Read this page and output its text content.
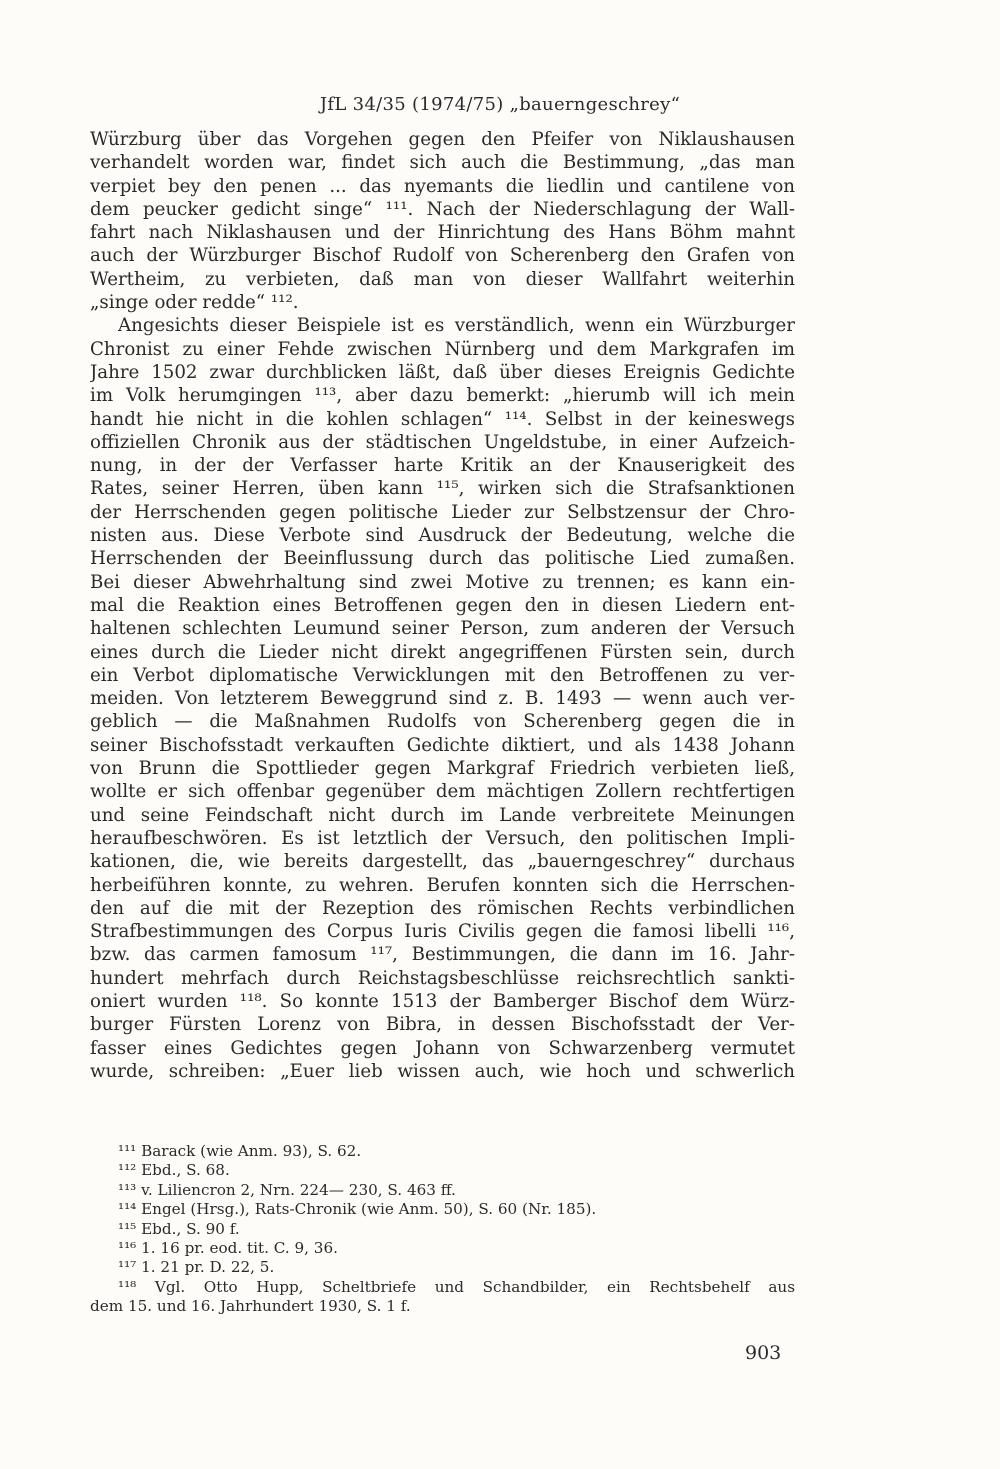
JfL 34/35 (1974/75) „bauerngeschrey“
Würzburg über das Vorgehen gegen den Pfeifer von Niklaushausen
verhandelt worden war, findet sich auch die Bestimmung, „das man
verpiet bey den penen ... das nyemants die liedlin und cantilene von
dem peucker gedicht singe“ ¹¹¹. Nach der Niederschlagung der Wall-
fahrt nach Niklashausen und der Hinrichtung des Hans Böhm mahnt
auch der Würzburger Bischof Rudolf von Scherenberg den Grafen von
Wertheim, zu verbieten, daß man von dieser Wallfahrt weiterhin
„singe oder redde“ ¹¹².
Angesichts dieser Beispiele ist es verständlich, wenn ein Würzburger
Chronist zu einer Fehde zwischen Nürnberg und dem Markgrafen im
Jahre 1502 zwar durchblicken läßt, daß über dieses Ereignis Gedichte
im Volk herumgingen ¹¹³, aber dazu bemerkt: „hierumb will ich mein
handt hie nicht in die kohlen schlagen“ ¹¹⁴. Selbst in der keineswegs
offiziellen Chronik aus der städtischen Ungeldstube, in einer Aufzeich-
nung, in der der Verfasser harte Kritik an der Knauserigkeit des
Rates, seiner Herren, üben kann ¹¹⁵, wirken sich die Strafsanktionen
der Herrschenden gegen politische Lieder zur Selbstzensur der Chro-
nisten aus. Diese Verbote sind Ausdruck der Bedeutung, welche die
Herrschenden der Beeinflussung durch das politische Lied zumaßen.
Bei dieser Abwehrhaltung sind zwei Motive zu trennen; es kann ein-
mal die Reaktion eines Betroffenen gegen den in diesen Liedern ent-
haltenen schlechten Leumund seiner Person, zum anderen der Versuch
eines durch die Lieder nicht direkt angegriffenen Fürsten sein, durch
ein Verbot diplomatische Verwicklungen mit den Betroffenen zu ver-
meiden. Von letzterem Beweggrund sind z. B. 1493 — wenn auch ver-
geblich — die Maßnahmen Rudolfs von Scherenberg gegen die in
seiner Bischofsstadt verkauften Gedichte diktiert, und als 1438 Johann
von Brunn die Spottlieder gegen Markgraf Friedrich verbieten ließ,
wollte er sich offenbar gegenüber dem mächtigen Zollern rechtfertigen
und seine Feindschaft nicht durch im Lande verbreitete Meinungen
heraufbeschwören. Es ist letztlich der Versuch, den politischen Impli-
kationen, die, wie bereits dargestellt, das „bauerngeschrey“ durchaus
herbeiführen konnte, zu wehren. Berufen konnten sich die Herrschen-
den auf die mit der Rezeption des römischen Rechts verbindlichen
Strafbestimmungen des Corpus Iuris Civilis gegen die famosi libelli ¹¹⁶,
bzw. das carmen famosum ¹¹⁷, Bestimmungen, die dann im 16. Jahr-
hundert mehrfach durch Reichstagsbeschlüsse reichsrechtlich sankti-
oniert wurden ¹¹⁸. So konnte 1513 der Bamberger Bischof dem Würz-
burger Fürsten Lorenz von Bibra, in dessen Bischofsstadt der Ver-
fasser eines Gedichtes gegen Johann von Schwarzenberg vermutet
wurde, schreiben: „Euer lieb wissen auch, wie hoch und schwerlich
¹¹¹ Barack (wie Anm. 93), S. 62.
¹¹² Ebd., S. 68.
¹¹³ v. Liliencron 2, Nrn. 224— 230, S. 463 ff.
¹¹⁴ Engel (Hrsg.), Rats-Chronik (wie Anm. 50), S. 60 (Nr. 185).
¹¹⁵ Ebd., S. 90 f.
¹¹⁶ 1. 16 pr. eod. tit. C. 9, 36.
¹¹⁷ 1. 21 pr. D. 22, 5.
¹¹⁸ Vgl. Otto Hupp, Scheltbriefe und Schandbilder, ein Rechtsbehelf aus
dem 15. und 16. Jahrhundert 1930, S. 1 f.
903
